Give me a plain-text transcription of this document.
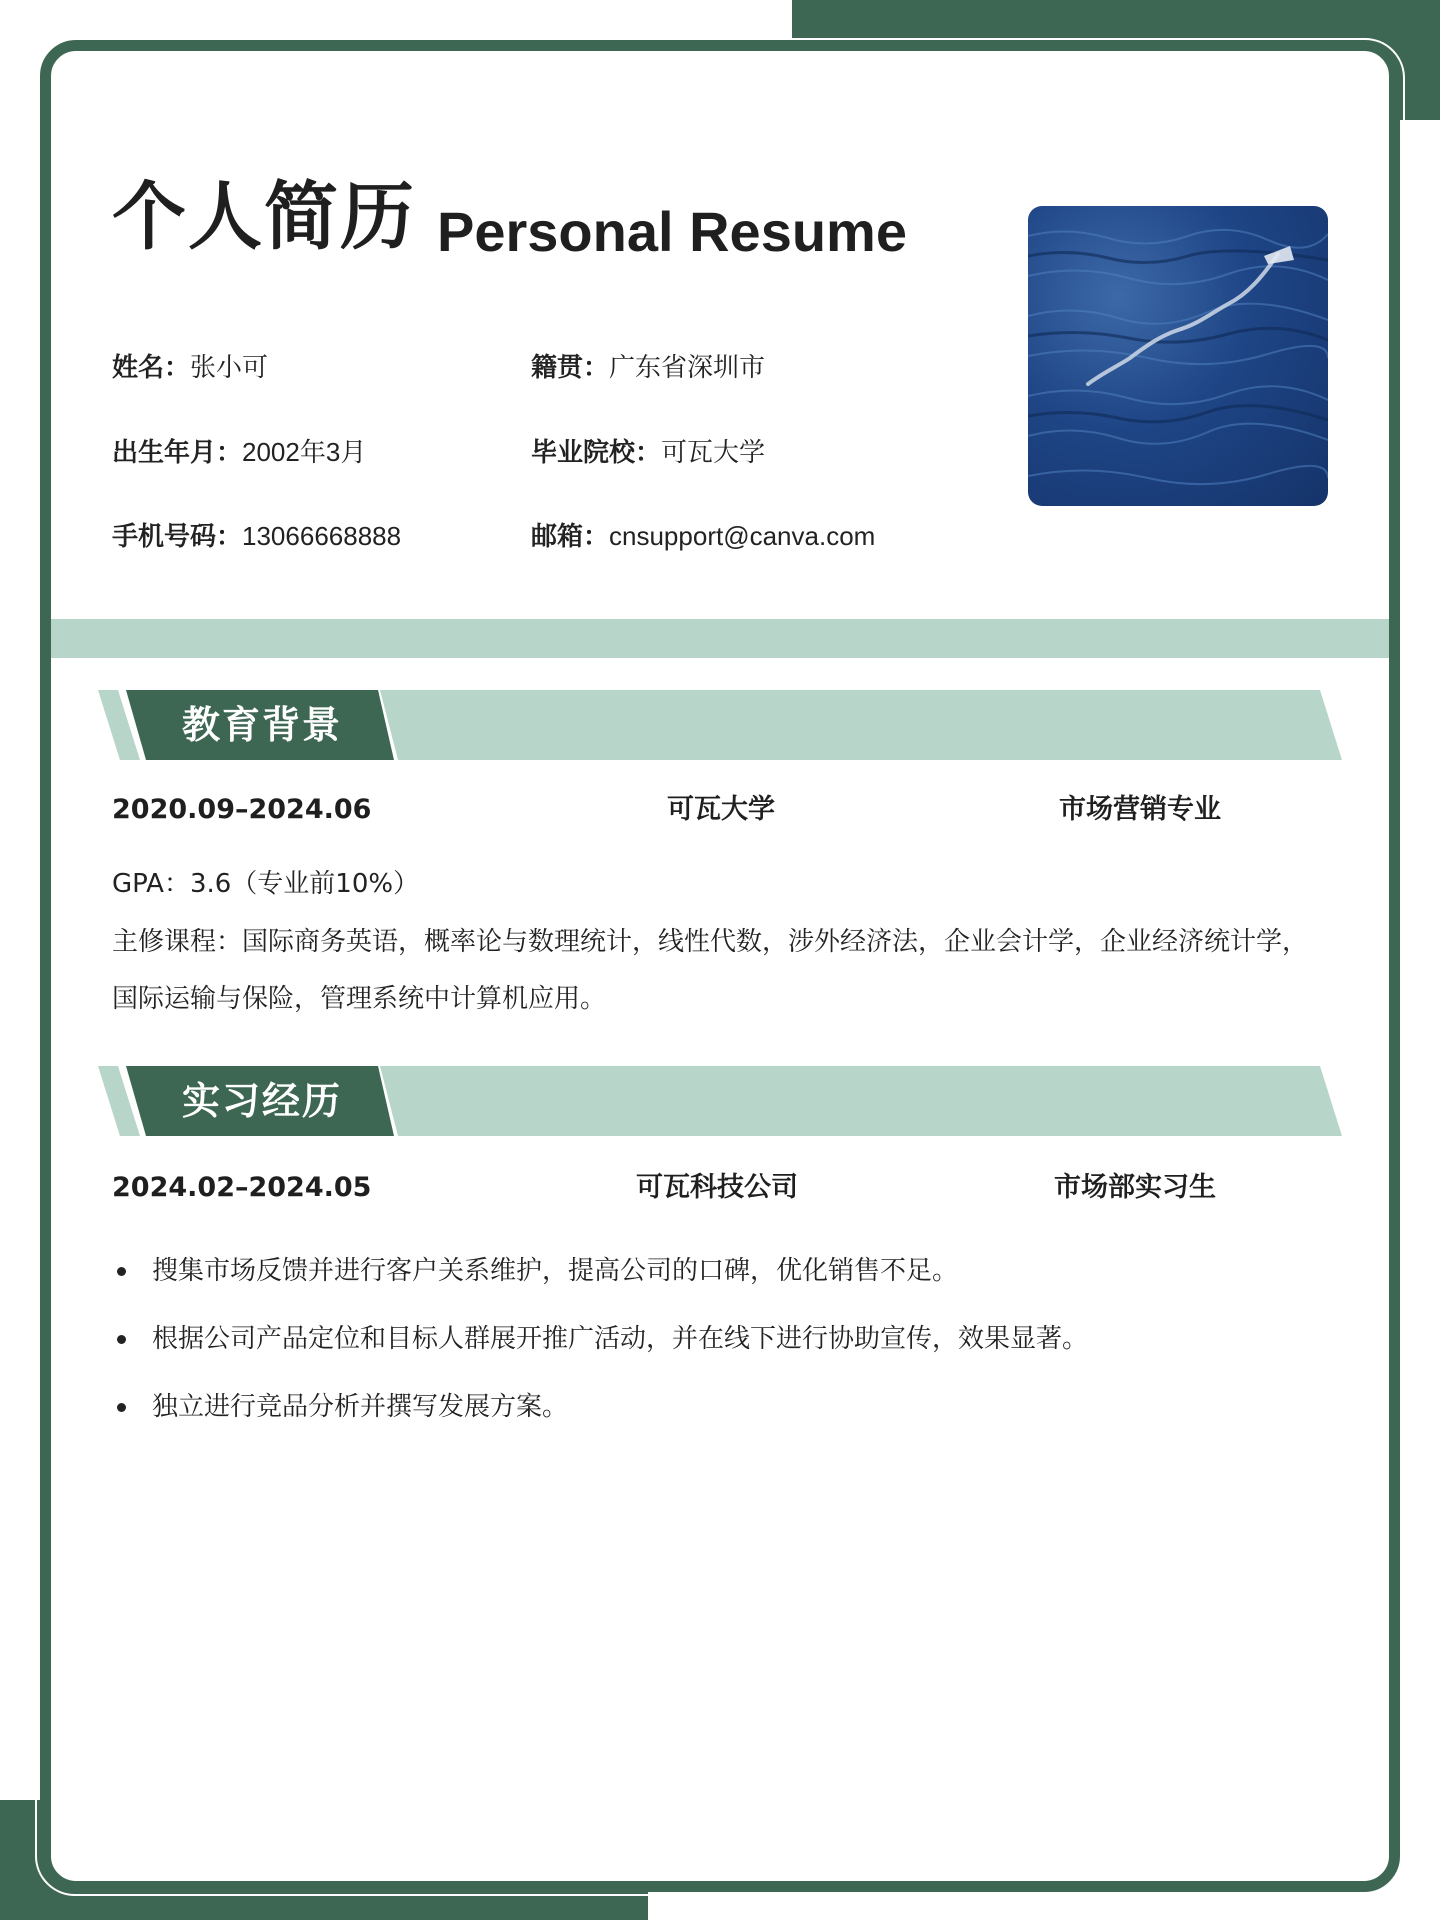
个人简历 Personal Resume
姓名：张小可	籍贯：广东省深圳市
出生年月：2002年3月	毕业院校：可瓦大学
手机号码：13066668888	邮箱：cnsupport@canva.com
教育背景
2020.09–2024.06	可瓦大学	市场营销专业
GPA：3.6（专业前10%）
主修课程：国际商务英语，概率论与数理统计，线性代数，涉外经济法，企业会计学，企业经济统计学，国际运输与保险，管理系统中计算机应用。
实习经历
2024.02–2024.05	可瓦科技公司	市场部实习生
搜集市场反馈并进行客户关系维护，提高公司的口碑，优化销售不足。
根据公司产品定位和目标人群展开推广活动，并在线下进行协助宣传，效果显著。
独立进行竞品分析并撰写发展方案。
